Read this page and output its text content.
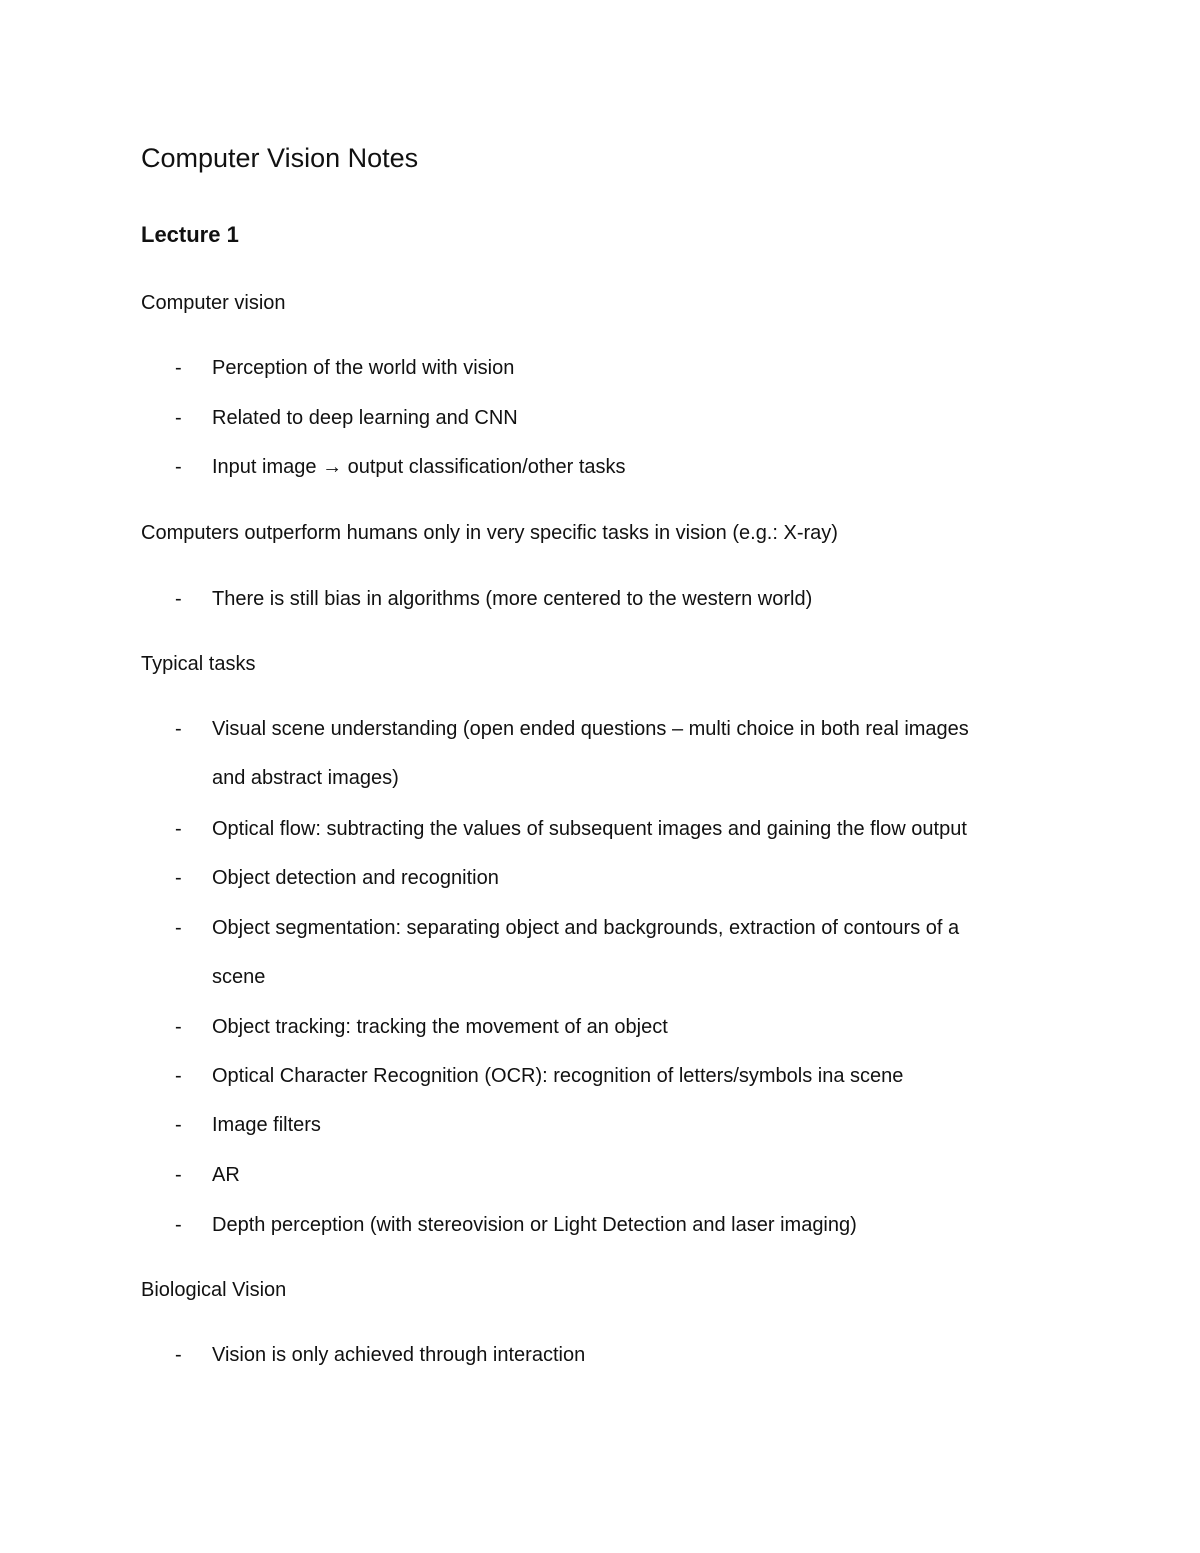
Computer Vision Notes
Lecture 1

Computer vision

- Perception of the world with vision
- Related to deep learning and CNN
- Input image → output classification/other tasks

Computers outperform humans only in very specific tasks in vision (e.g.: X-ray)

- There is still bias in algorithms (more centered to the western world)

Typical tasks

- Visual scene understanding (open ended questions – multi choice in both real images
and abstract images)
- Optical flow: subtracting the values of subsequent images and gaining the flow output
- Object detection and recognition
- Object segmentation: separating object and backgrounds, extraction of contours of a
scene
- Object tracking: tracking the movement of an object
- Optical Character Recognition (OCR): recognition of letters/symbols ina scene
- Image filters
- AR
- Depth perception (with stereovision or Light Detection and laser imaging)

Biological Vision

- Vision is only achieved through interaction
